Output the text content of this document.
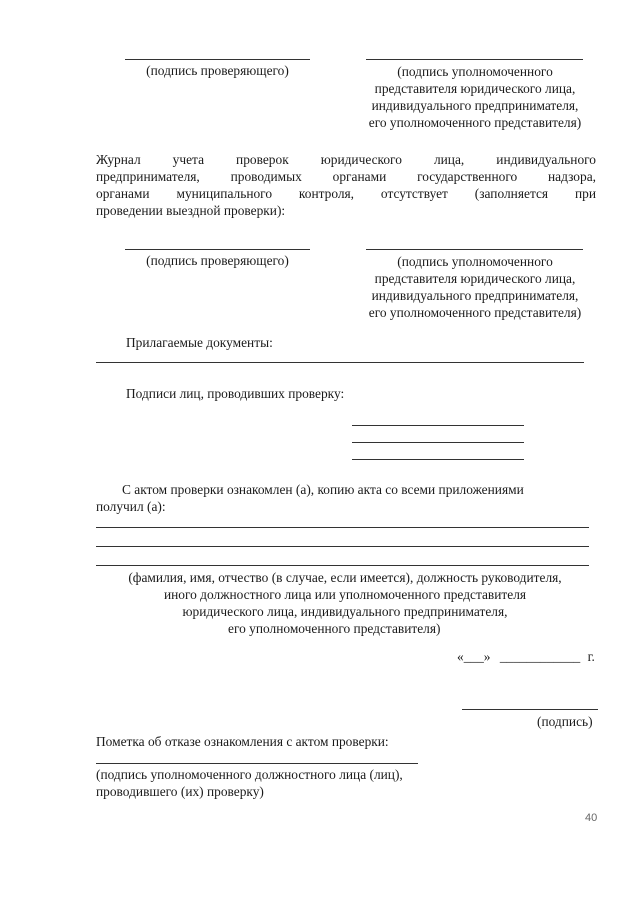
(подпись проверяющего)	(подпись уполномоченного
представителя юридического лица,
индивидуального предпринимателя,
его уполномоченного представителя)
Журнал учета проверок юридического лица, индивидуального
предпринимателя, проводимых органами государственного надзора,
органами муниципального контроля, отсутствует (заполняется при
проведении выездной проверки):
(подпись проверяющего)	(подпись уполномоченного
представителя юридического лица,
индивидуального предпринимателя,
его уполномоченного представителя)
Прилагаемые документы:
Подписи лиц, проводивших проверку:
С актом проверки ознакомлен (а), копию акта со всеми приложениями
получил (а):
(фамилия, имя, отчество (в случае, если имеется), должность руководителя,
иного должностного лица или уполномоченного представителя
юридического лица, индивидуального предпринимателя,
его уполномоченного представителя)
«___» ____________ г.
(подпись)
Пометка об отказе ознакомления с актом проверки:
(подпись уполномоченного должностного лица (лиц),
проводившего (их) проверку)
40
